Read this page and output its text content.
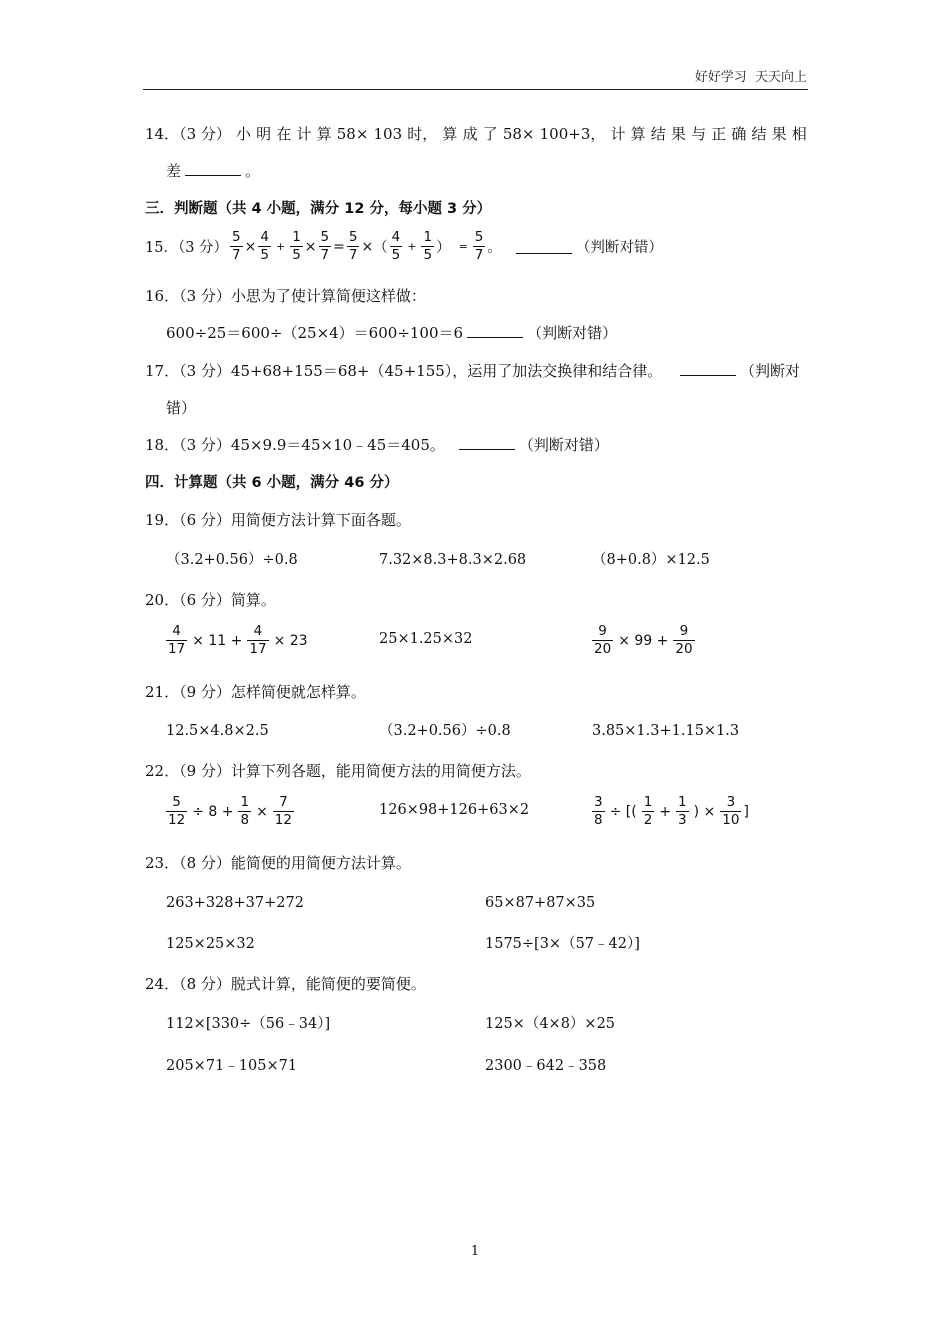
好好学习  天天向上
14．（3 分） 小 明 在 计 算 58× 103 时， 算 成 了 58× 100+3， 计 算 结 果 与 正 确 结 果 相
差	。
三．判断题（共 4 小题，满分 12 分，每小题 3 分）
15．（3 分） $\frac{5}{7} \times \frac{4}{5} + \frac{1}{5} \times \frac{5}{7} = \frac{5}{7}$ × （ $\frac{4}{5} + \frac{1}{5}$ ） = $\frac{5}{7}$ 。	（判断对错）
16．（3 分）小思为了使计算简便这样做：
600÷25＝600÷（25×4）＝600÷100＝6	（判断对错）
17．（3 分）45+68+155＝68+（45+155），运用了加法交换律和结合律。	（判断对
错）
18．（3 分）45×9.9＝45×10﹣45＝405。	（判断对错）
四．计算题（共 6 小题，满分 46 分）
19．（6 分）用简便方法计算下面各题。
（3.2+0.56）÷0.8	7.32×8.3+8.3×2.68	（8+0.8）×12.5
20．（6 分）简算。
$\frac{4}{17} \times 11 + \frac{4}{17} \times 23$	25×1.25×32	$\frac{9}{20} \times 99 + \frac{9}{20}$
21．（9 分）怎样简便就怎样算。
12.5×4.8×2.5	（3.2+0.56）÷0.8	3.85×1.3+1.15×1.3
22．（9 分）计算下列各题，能用简便方法的用简便方法。
$\frac{5}{12} \div 8 + \frac{1}{8} \times \frac{7}{12}$	126×98+126+63×2	$\frac{3}{8}$ ÷ [( $\frac{1}{2} + \frac{1}{3}$ ) × $\frac{3}{10}$ ]
23．（8 分）能简便的用简便方法计算。
263+328+37+272	65×87+87×35
125×25×32	1575÷[3×（57﹣42）]
24．（8 分）脱式计算，能简便的要简便。
112×[330÷（56﹣34）]	125×（4×8）×25
205×71﹣105×71	2300﹣642﹣358
1
